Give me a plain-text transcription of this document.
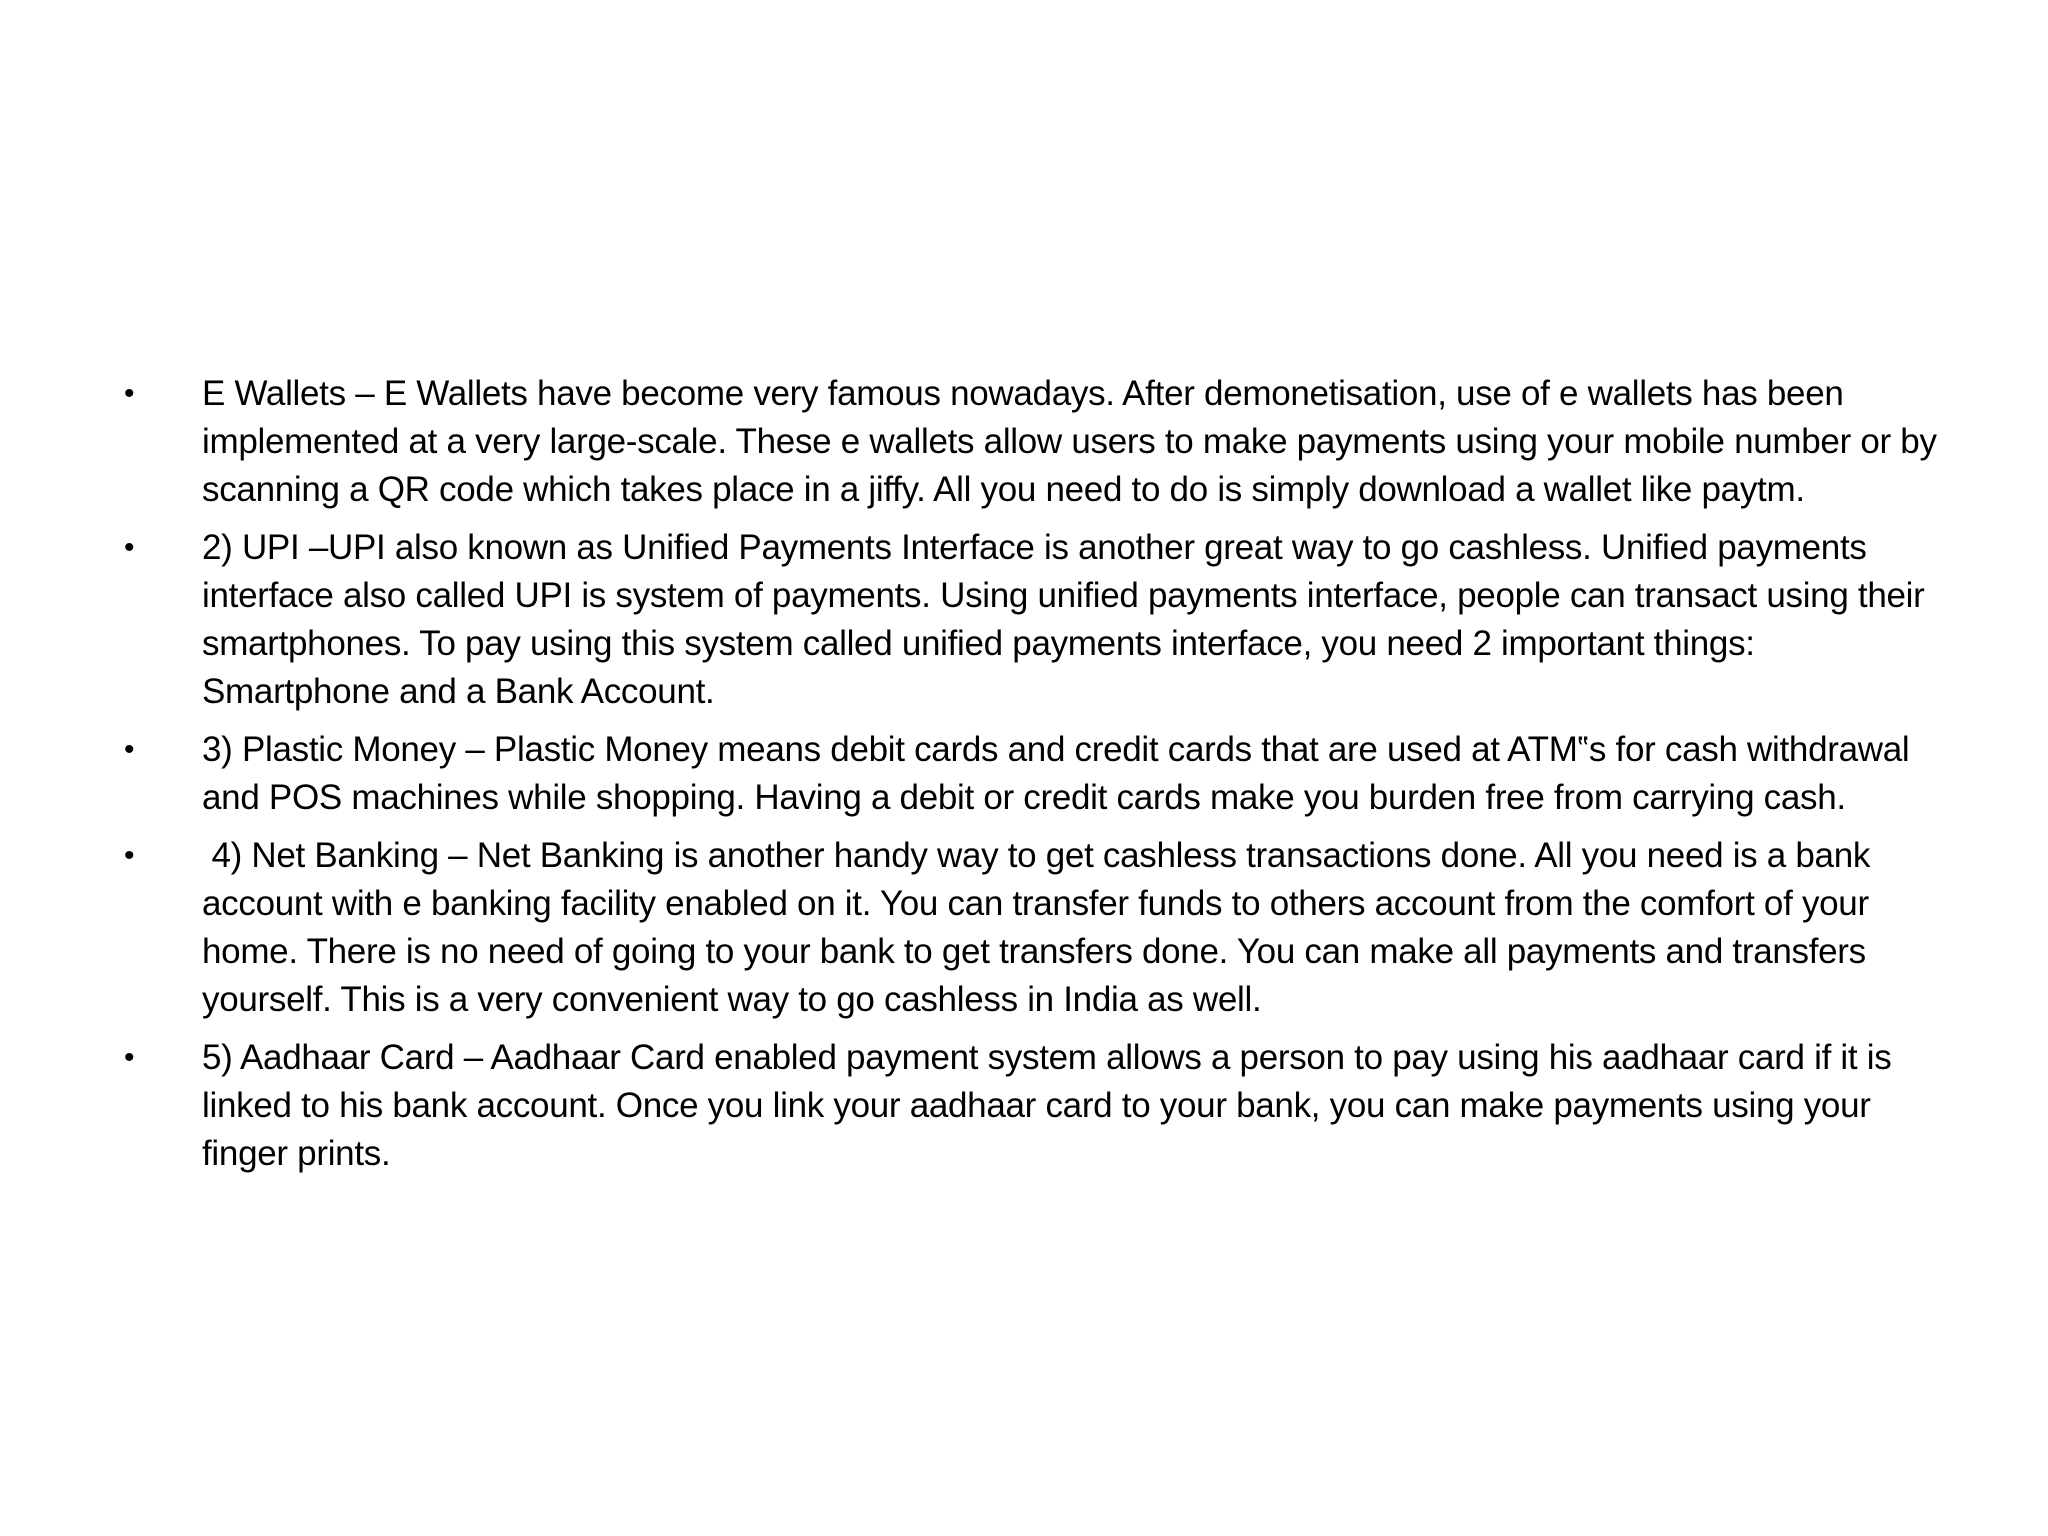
•	E Wallets – E Wallets have become very famous nowadays. After demonetisation, use of e wallets has been implemented at a very large-scale. These e wallets allow users to make payments using your mobile number or by scanning a QR code which takes place in a jiffy. All you need to do is simply download a wallet like paytm.
•	2) UPI –UPI also known as Unified Payments Interface is another great way to go cashless. Unified payments interface also called UPI is system of payments. Using unified payments interface, people can transact using their smartphones. To pay using this system called unified payments interface, you need 2 important things: Smartphone and a Bank Account.
•	3) Plastic Money – Plastic Money means debit cards and credit cards that are used at ATM‟s for cash withdrawal and POS machines while shopping. Having a debit or credit cards make you burden free from carrying cash.
•	4) Net Banking – Net Banking is another handy way to get cashless transactions done. All you need is a bank account with e banking facility enabled on it. You can transfer funds to others account from the comfort of your home. There is no need of going to your bank to get transfers done. You can make all payments and transfers yourself. This is a very convenient way to go cashless in India as well.
•	5) Aadhaar Card – Aadhaar Card enabled payment system allows a person to pay using his aadhaar card if it is linked to his bank account. Once you link your aadhaar card to your bank, you can make payments using your finger prints.
